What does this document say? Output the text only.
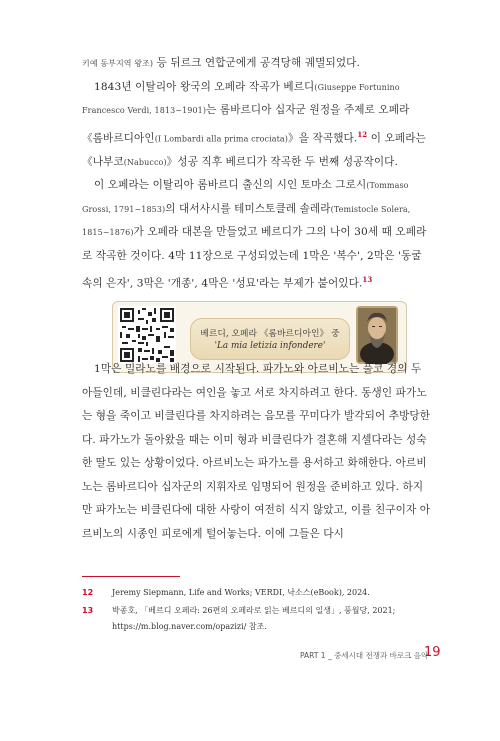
키예 동부지역 왕조) 등 뒤르크 연합군에게 공격당해 궤멸되었다.

1843년 이탈리아 왕국의 오페라 작곡가 베르디(Giuseppe Fortunino Francesco Verdi, 1813~1901)는 롬바르디아 십자군 원정을 주제로 오페라 《롬바르디아인(I Lombardi alla prima crociata)》을 작곡했다.$^{12}$ 이 오페라는 《나부코(Nabucco)》성공 직후 베르디가 작곡한 두 번째 성공작이다.

이 오페라는 이탈리아 롬바르디 출신의 시인 토마소 그로시(Tommaso Grossi, 1791~1853)의 대서사시를 테미스토클레 솔레라(Temistocle Solera, 1815~1876)가 오페라 대본을 만들었고 베르디가 그의 나이 30세 때 오페라로 작곡한 것이다. 4막 11장으로 구성되었는데 1막은 '복수', 2막은 '동굴 속의 은자', 3막은 '개종', 4막은 '성묘'라는 부제가 붙어있다.$^{13}$

베르디, 오페라 《롬바르디아인》 중
'La mia letizia infondere'

1막은 밀라노를 배경으로 시작된다. 파가노와 아르비노는 풀코 경의 두 아들인데, 비클린다라는 여인을 놓고 서로 차지하려고 한다. 동생인 파가노는 형을 죽이고 비클린다를 차지하려는 음모를 꾸미다가 발각되어 추방당한다. 파가노가 돌아왔을 때는 이미 형과 비클린다가 결혼해 지셀다라는 성숙한 딸도 있는 상황이었다. 아르비노는 파가노를 용서하고 화해한다. 아르비노는 롬바르디아 십자군의 지휘자로 임명되어 원정을 준비하고 있다. 하지만 파가노는 비클린다에 대한 사랑이 여전히 식지 않았고, 이를 친구이자 아르비노의 시종인 피로에게 털어놓는다. 이에 그들은 다시

12 Jeremy Siepmann, Life and Works; VERDI, 낙소스(eBook), 2024.
13 박종호, 「베르디 오페라: 26편의 오페라로 읽는 베르디의 일생」, 풍월당, 2021; https://m.blog.naver.com/opazizi/ 참조.
PART 1 _ 중세시대 전쟁과 바로크 음악
19
